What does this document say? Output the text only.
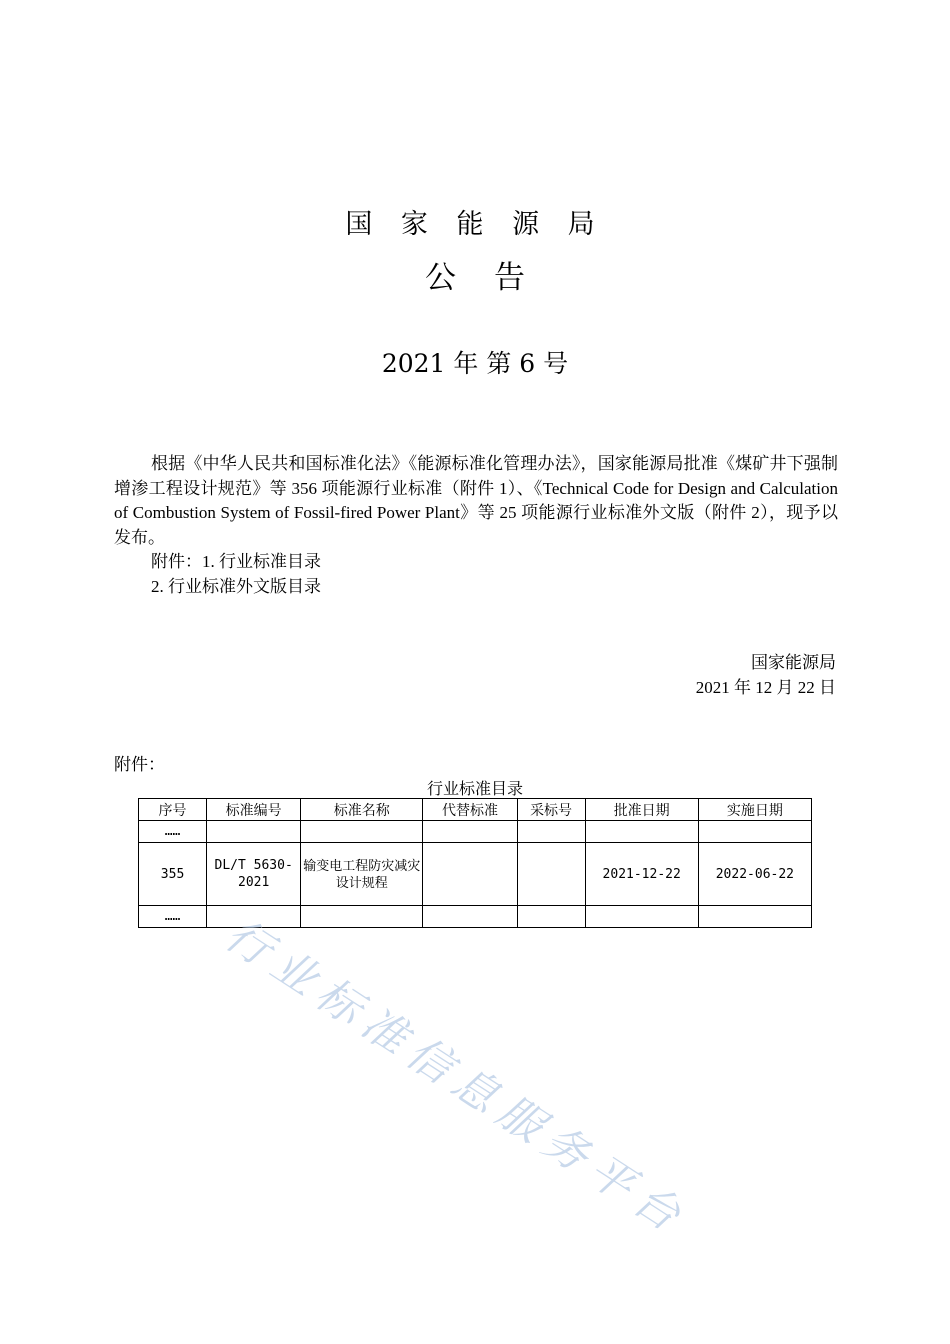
国 家 能 源 局
公告
2021 年 第 6 号

根据《中华人民共和国标准化法》《能源标准化管理办法》，国家能源局批准《煤矿井下强制增渗工程设计规范》等 356 项能源行业标准（附件 1）、《Technical Code for Design and Calculation of Combustion System of Fossil-fired Power Plant》等 25 项能源行业标准外文版（附件 2），现予以发布。

附件：1. 行业标准目录

2. 行业标准外文版目录

国家能源局
2021 年 12 月 22 日
附件：
行业标准目录
序号	标准编号	标准名称	代替标准	采标号	批准日期	实施日期
……						
355	DL/T 5630-2021	输变电工程防灾减灾设计规程			2021-12-22	2022-06-22
……						行业标准信息服务平台
